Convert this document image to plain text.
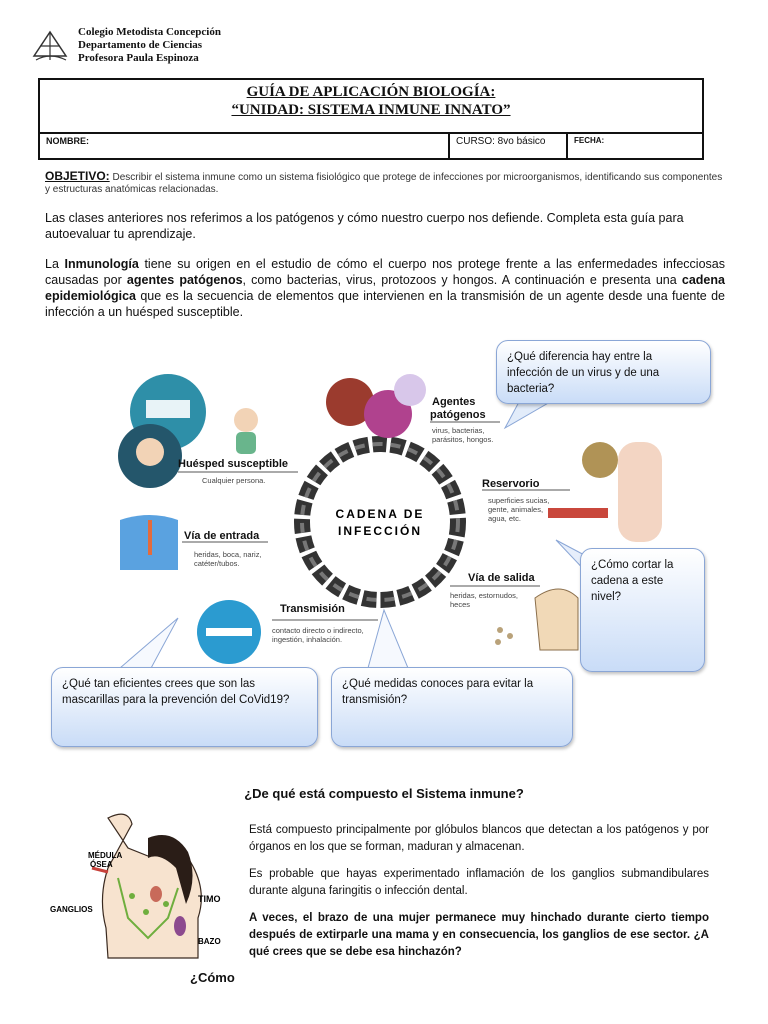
Colegio Metodista Concepción
Departamento de Ciencias
Profesora Paula Espinoza
GUÍA DE APLICACIÓN BIOLOGÍA:
“UNIDAD: SISTEMA INMUNE INNATO”
NOMBRE:	CURSO: 8vo básico	FECHA:
OBJETIVO: Describir el sistema inmune como un sistema fisiológico que protege de infecciones por microorganismos, identificando sus componentes y estructuras anatómicas relacionadas.
Las clases anteriores nos referimos a los patógenos y cómo nuestro cuerpo nos defiende. Completa esta guía para autoevaluar tu aprendizaje.
La Inmunología tiene su origen en el estudio de cómo el cuerpo nos protege frente a las enfermedades infecciosas causadas por agentes patógenos, como bacterias, virus, protozoos y hongos. A continuación e presenta una cadena epidemiológica que es la secuencia de elementos que intervienen en la transmisión de un agente desde una fuente de infección a un huésped susceptible.
CADENA DE
INFECCIÓN
Agentes
patógenos
virus, bacterias,
parásitos, hongos.
Reservorio
superficies sucias,
gente, animales,
agua, etc.
Vía de salida
heridas, estornudos,
heces
Transmisión
contacto directo o indirecto,
ingestión, inhalación.
Vía de entrada
heridas, boca, nariz,
catéter/tubos.
Huésped susceptible
Cualquier persona.
¿Qué diferencia hay entre la infección de un virus y de una bacteria?
¿Cómo cortar la cadena a este nivel?
¿Qué tan eficientes crees que son las mascarillas para la prevención del CoVid19?
¿Qué medidas conoces para evitar la transmisión?
¿De qué está compuesto el Sistema inmune?
MÉDULA
ÓSEA
TIMO
GANGLIOS
BAZO
Está compuesto principalmente por glóbulos blancos que detectan a los patógenos y por órganos en los que se forman, maduran y almacenan.
Es probable que hayas experimentado inflamación de los ganglios submandibulares durante alguna faringitis o infección dental.
A veces, el brazo de una mujer permanece muy hinchado durante cierto tiempo después de extirparle una mama y en consecuencia, los ganglios de ese sector. ¿A qué crees que se debe esa hinchazón?
¿Cómo
